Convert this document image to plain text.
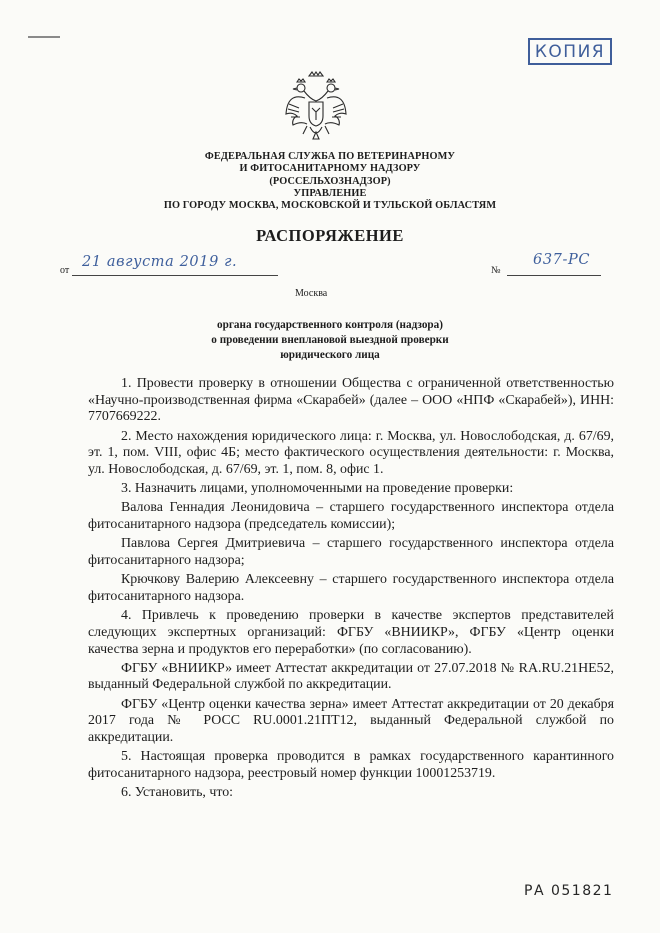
КОПИЯ
ФЕДЕРАЛЬНАЯ СЛУЖБА ПО ВЕТЕРИНАРНОМУ
И ФИТОСАНИТАРНОМУ НАДЗОРУ
(РОССЕЛЬХОЗНАДЗОР)
УПРАВЛЕНИЕ
ПО ГОРОДУ МОСКВА, МОСКОВСКОЙ И ТУЛЬСКОЙ ОБЛАСТЯМ
РАСПОРЯЖЕНИЕ
от
21 августа 2019 г.
№
637-РС
Москва
органа государственного контроля (надзора)
о проведении внеплановой выездной проверки
юридического лица

1. Провести проверку в отношении Общества с ограниченной ответственностью «Научно-производственная фирма «Скарабей» (далее – ООО «НПФ «Скарабей»), ИНН: 7707669222.

2. Место нахождения юридического лица: г. Москва, ул. Новослободская, д. 67/69, эт. 1, пом. VIII, офис 4Б; место фактического осуществления деятельности: г. Москва, ул. Новослободская, д. 67/69, эт. 1, пом. 8, офис 1.

3. Назначить лицами, уполномоченными на проведение проверки:

Валова Геннадия Леонидовича – старшего государственного инспектора отдела фитосанитарного надзора (председатель комиссии);

Павлова Сергея Дмитриевича – старшего государственного инспектора отдела фитосанитарного надзора;

Крючкову Валерию Алексеевну – старшего государственного инспектора отдела фитосанитарного надзора.

4. Привлечь к проведению проверки в качестве экспертов представителей следующих экспертных организаций: ФГБУ «ВНИИКР», ФГБУ «Центр оценки качества зерна и продуктов его переработки» (по согласованию).

ФГБУ «ВНИИКР» имеет Аттестат аккредитации от 27.07.2018 № RA.RU.21НЕ52, выданный Федеральной службой по аккредитации.

ФГБУ «Центр оценки качества зерна» имеет Аттестат аккредитации от 20 декабря 2017 года № РОСС RU.0001.21ПТ12, выданный Федеральной службой по аккредитации.

5. Настоящая проверка проводится в рамках государственного карантинного фитосанитарного надзора, реестровый номер функции 10001253719.

6. Установить, что:

РА 051821
